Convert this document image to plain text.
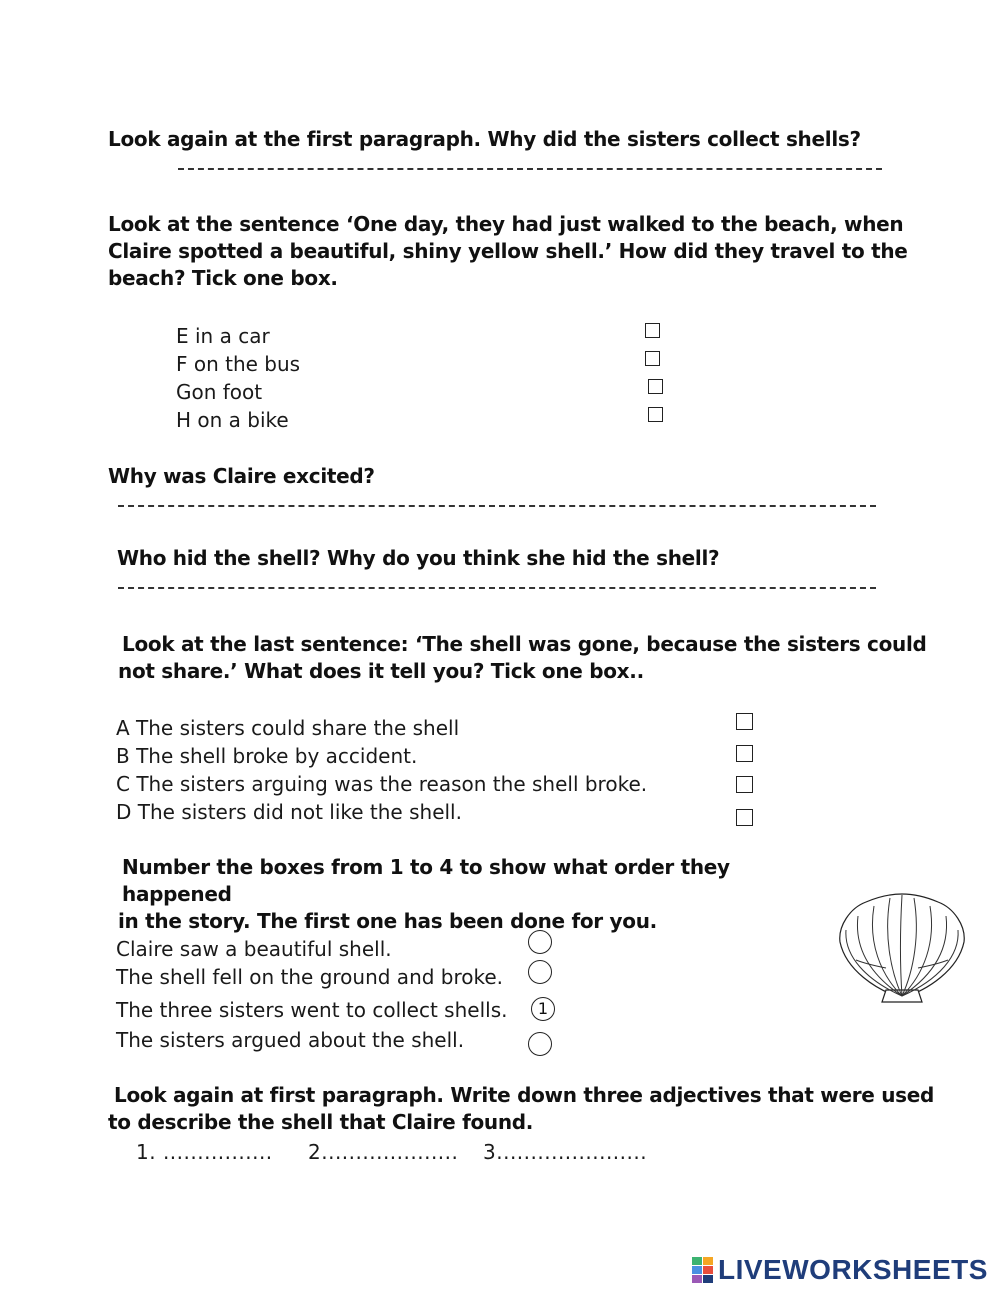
Look again at the first paragraph. Why did the sisters collect shells?
Look at the sentence ‘One day, they had just walked to the beach, when
Claire spotted a beautiful, shiny yellow shell.’ How did they travel to the
beach? Tick one box.
E in a car
F on the bus
Gon foot
H on a bike
Why was Claire excited?
Who hid the shell? Why do you think she hid the shell?
Look at the last sentence: ‘The shell was gone, because the sisters could
not share.’ What does it tell you? Tick one box..
A The sisters could share the shell
B The shell broke by accident.
C The sisters arguing was the reason the shell broke.
D The sisters did not like the shell.
Number the boxes from 1 to 4 to show what order they happened
in the story. The first one has been done for you.
Claire saw a beautiful shell.
The shell fell on the ground and broke.
The three sisters went to collect shells.
The sisters argued about the shell.
1
Look again at first paragraph. Write down three adjectives that were used
to describe the shell that Claire found.
1. ................ 2.................... 3......................
LIVEWORKSHEETS
